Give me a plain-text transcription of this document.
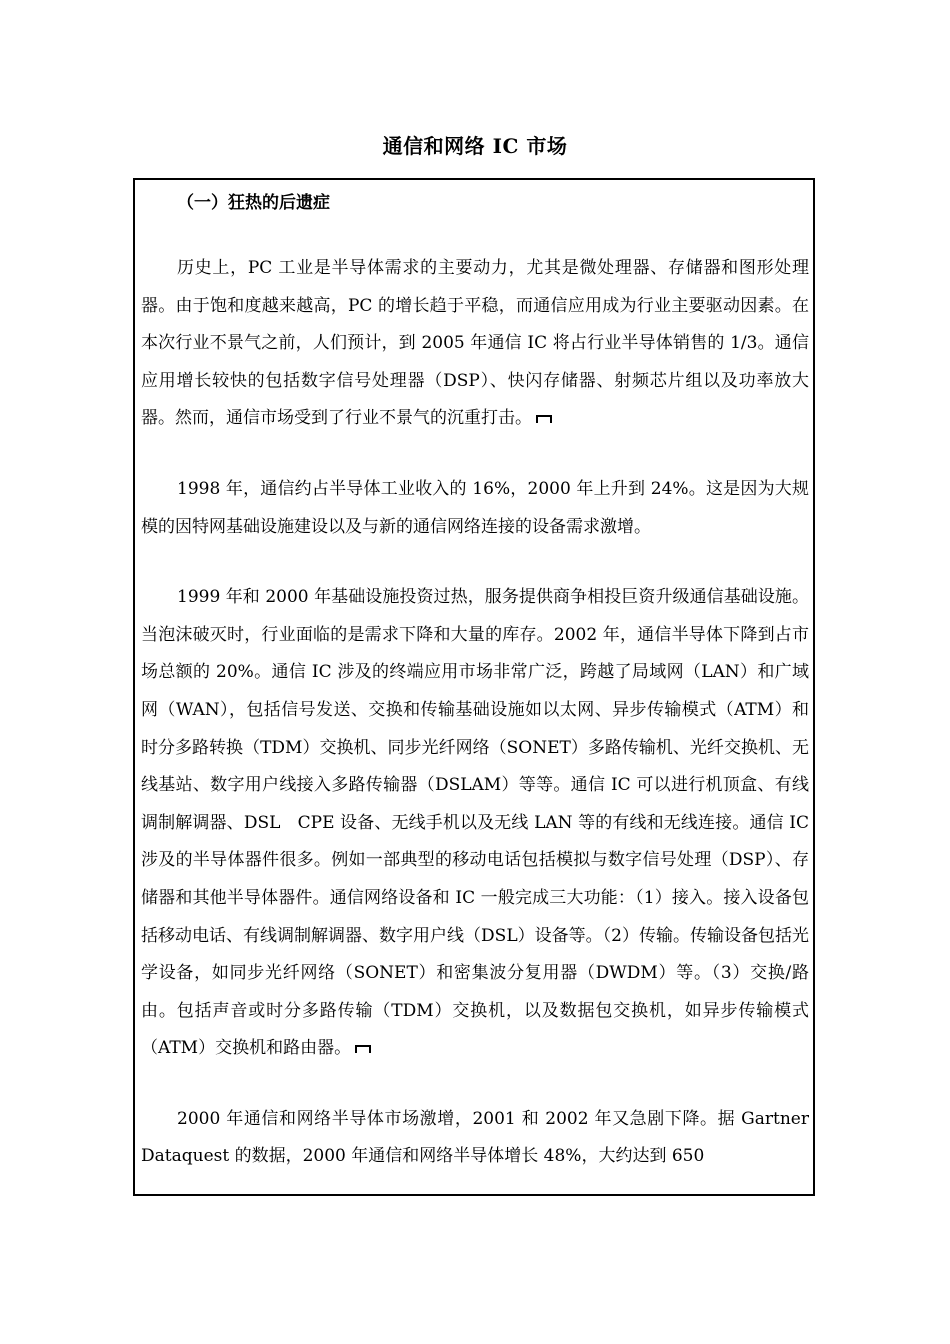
通信和网络 IC 市场
（一）狂热的后遗症

历史上，PC 工业是半导体需求的主要动力，尤其是微处理器、存储器和图形处理器。由于饱和度越来越高，PC 的增长趋于平稳，而通信应用成为行业主要驱动因素。在本次行业不景气之前，人们预计，到 2005 年通信 IC 将占行业半导体销售的 1/3。通信应用增长较快的包括数字信号处理器（DSP）、快闪存储器、射频芯片组以及功率放大器。然而，通信市场受到了行业不景气的沉重打击。

1998 年，通信约占半导体工业收入的 16%，2000 年上升到 24%。这是因为大规模的因特网基础设施建设以及与新的通信网络连接的设备需求激增。

1999 年和 2000 年基础设施投资过热，服务提供商争相投巨资升级通信基础设施。当泡沫破灭时，行业面临的是需求下降和大量的库存。2002 年，通信半导体下降到占市场总额的 20%。通信 IC 涉及的终端应用市场非常广泛，跨越了局域网（LAN）和广域网（WAN），包括信号发送、交换和传输基础设施如以太网、异步传输模式（ATM）和时分多路转换（TDM）交换机、同步光纤网络（SONET）多路传输机、光纤交换机、无线基站、数字用户线接入多路传输器（DSLAM）等等。通信 IC 可以进行机顶盒、有线调制解调器、DSL　CPE 设备、无线手机以及无线 LAN 等的有线和无线连接。通信 IC 涉及的半导体器件很多。例如一部典型的移动电话包括模拟与数字信号处理（DSP）、存储器和其他半导体器件。通信网络设备和 IC 一般完成三大功能：（1）接入。接入设备包括移动电话、有线调制解调器、数字用户线（DSL）设备等。（2）传输。传输设备包括光学设备，如同步光纤网络（SONET）和密集波分复用器（DWDM）等。（3）交换/路由。包括声音或时分多路传输（TDM）交换机，以及数据包交换机，如异步传输模式（ATM）交换机和路由器。

2000 年通信和网络半导体市场激增，2001 和 2002 年又急剧下降。据 Gartner　Dataquest 的数据，2000 年通信和网络半导体增长 48%，大约达到 650
